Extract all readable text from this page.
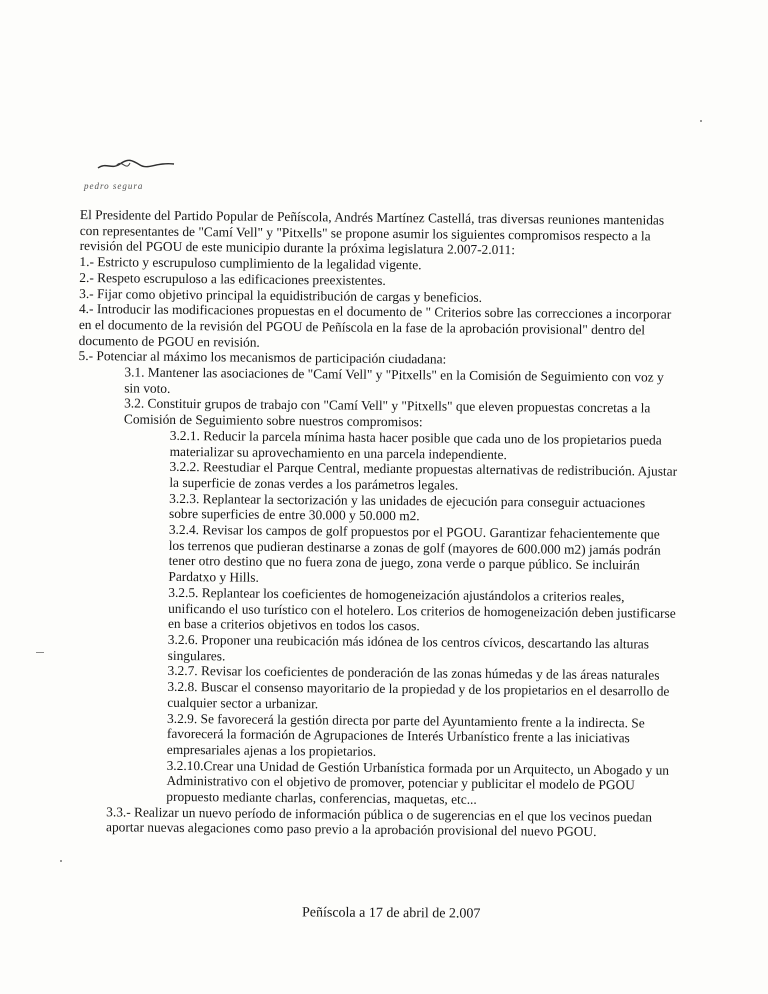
pedro segura

El Presidente del Partido Popular de Peñíscola, Andrés Martínez Castellá, tras diversas reuniones mantenidas con representantes de "Camí Vell" y "Pitxells" se propone asumir los siguientes compromisos respecto a la revisión del PGOU de este municipio durante la próxima legislatura 2.007-2.011:

1.- Estricto y escrupuloso cumplimiento de la legalidad vigente.

2.- Respeto escrupuloso a las edificaciones preexistentes.

3.- Fijar como objetivo principal la equidistribución de cargas y beneficios.

4.- Introducir las modificaciones propuestas en el documento de " Criterios sobre las correcciones a incorporar en el documento de la revisión del PGOU de Peñíscola en la fase de la aprobación provisional" dentro del documento de PGOU en revisión.

5.- Potenciar al máximo los mecanismos de participación ciudadana:

3.1. Mantener las asociaciones de "Camí Vell" y "Pitxells" en la Comisión de Seguimiento con voz y sin voto.

3.2. Constituir grupos de trabajo con "Camí Vell" y "Pitxells" que eleven propuestas concretas a la Comisión de Seguimiento sobre nuestros compromisos:

3.2.1. Reducir la parcela mínima hasta hacer posible que cada uno de los propietarios pueda materializar su aprovechamiento en una parcela independiente.

3.2.2. Reestudiar el Parque Central, mediante propuestas alternativas de redistribución. Ajustar la superficie de zonas verdes a los parámetros legales.

3.2.3. Replantear la sectorización y las unidades de ejecución para conseguir actuaciones sobre superficies de entre 30.000 y 50.000 m2.

3.2.4. Revisar los campos de golf propuestos por el PGOU. Garantizar fehacientemente que los terrenos que pudieran destinarse a zonas de golf (mayores de 600.000 m2) jamás podrán tener otro destino que no fuera zona de juego, zona verde o parque público. Se incluirán Pardatxo y Hills.

3.2.5. Replantear los coeficientes de homogeneización ajustándolos a criterios reales, unificando el uso turístico con el hotelero. Los criterios de homogeneización deben justificarse en base a criterios objetivos en todos los casos.

3.2.6. Proponer una reubicación más idónea de los centros cívicos, descartando las alturas singulares.

3.2.7. Revisar los coeficientes de ponderación de las zonas húmedas y de las áreas naturales

3.2.8. Buscar el consenso mayoritario de la propiedad y de los propietarios en el desarrollo de cualquier sector a urbanizar.

3.2.9. Se favorecerá la gestión directa por parte del Ayuntamiento frente a la indirecta. Se favorecerá la formación de Agrupaciones de Interés Urbanístico frente a las iniciativas empresariales ajenas a los propietarios.

3.2.10.Crear una Unidad de Gestión Urbanística formada por un Arquitecto, un Abogado y un Administrativo con el objetivo de promover, potenciar y publicitar el modelo de PGOU propuesto mediante charlas, conferencias, maquetas, etc...

3.3.- Realizar un nuevo período de información pública o de sugerencias en el que los vecinos puedan aportar nuevas alegaciones como paso previo a la aprobación provisional del nuevo PGOU.

Peñíscola a 17 de abril de 2.007
